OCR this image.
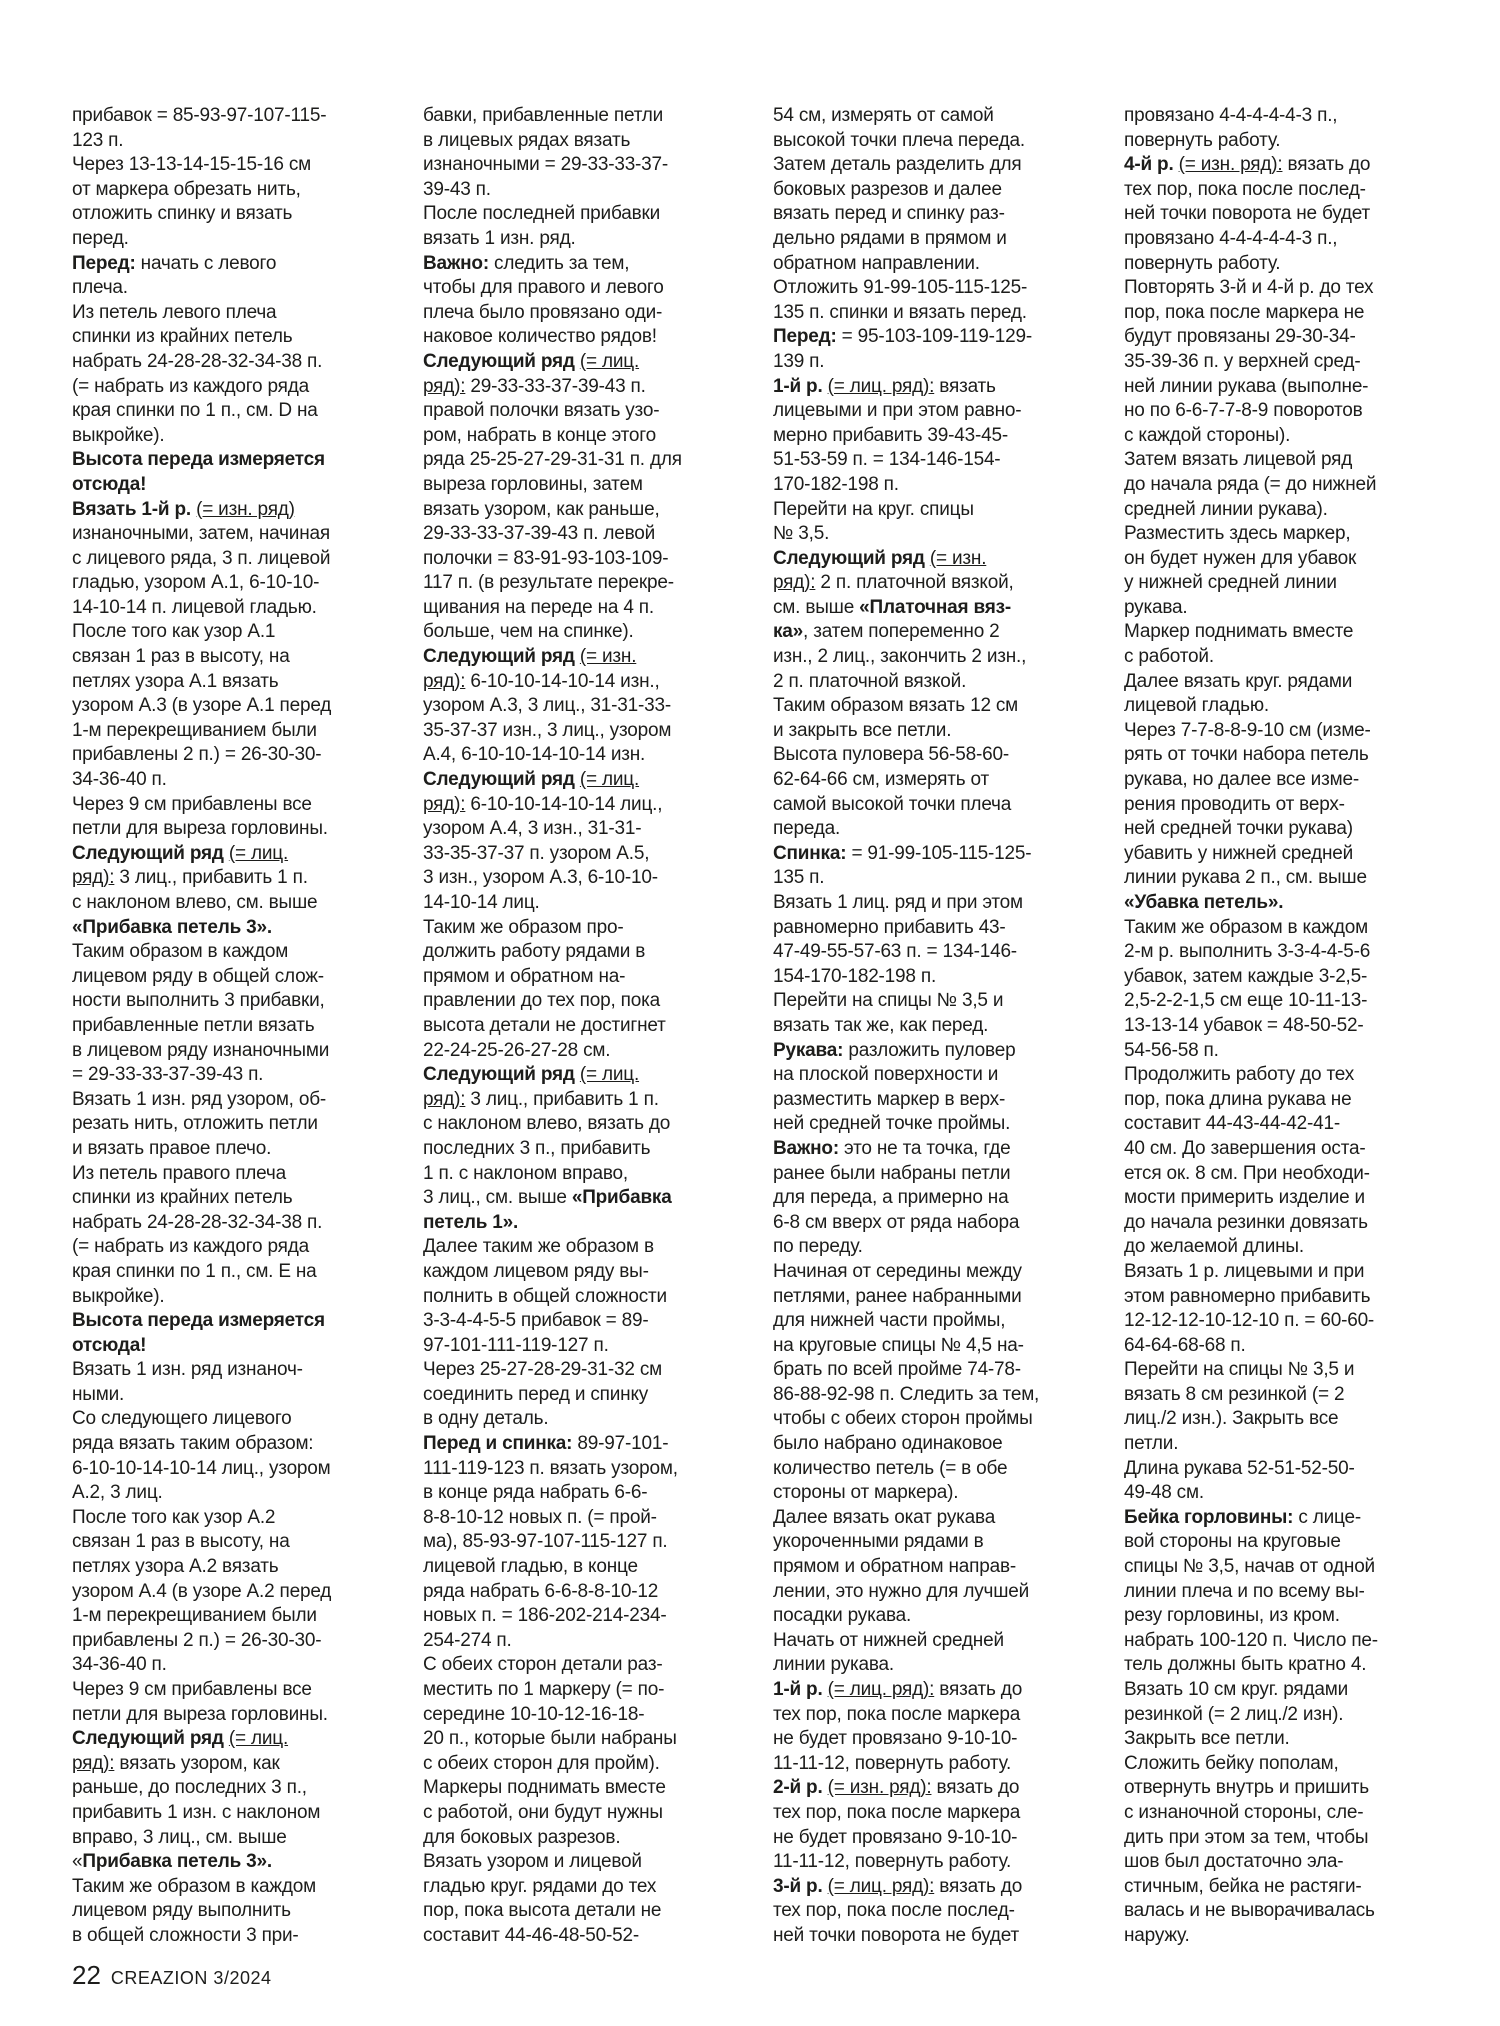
прибавок = 85-93-97-107-115-
123 п.
Через 13-13-14-15-15-16 см
от маркера обрезать нить,
отложить спинку и вязать
перед.
Перед: начать с левого
плеча.
Из петель левого плеча
спинки из крайних петель
набрать 24-28-28-32-34-38 п.
(= набрать из каждого ряда
края спинки по 1 п., см. D на
выкройке).
Высота переда измеряется
отсюда!
Вязать 1-й р. (= изн. ряд)
изнаночными, затем, начиная
с лицевого ряда, 3 п. лицевой
гладью, узором А.1, 6-10-10-
14-10-14 п. лицевой гладью.
После того как узор А.1
связан 1 раз в высоту, на
петлях узора А.1 вязать
узором А.3 (в узоре А.1 перед
1-м перекрещиванием были
прибавлены 2 п.) = 26-30-30-
34-36-40 п.
Через 9 см прибавлены все
петли для выреза горловины.
Следующий ряд (= лиц.
ряд): 3 лиц., прибавить 1 п.
с наклоном влево, см. выше
«Прибавка петель 3».
Таким образом в каждом
лицевом ряду в общей слож-
ности выполнить 3 прибавки,
прибавленные петли вязать
в лицевом ряду изнаночными
= 29-33-33-37-39-43 п.
Вязать 1 изн. ряд узором, об-
резать нить, отложить петли
и вязать правое плечо.
Из петель правого плеча
спинки из крайних петель
набрать 24-28-28-32-34-38 п.
(= набрать из каждого ряда
края спинки по 1 п., см. Е на
выкройке).
Высота переда измеряется
отсюда!
Вязать 1 изн. ряд изнаноч-
ными.
Со следующего лицевого
ряда вязать таким образом:
6-10-10-14-10-14 лиц., узором
А.2, 3 лиц.
После того как узор А.2
связан 1 раз в высоту, на
петлях узора А.2 вязать
узором А.4 (в узоре А.2 перед
1-м перекрещиванием были
прибавлены 2 п.) = 26-30-30-
34-36-40 п.
Через 9 см прибавлены все
петли для выреза горловины.
Следующий ряд (= лиц.
ряд): вязать узором, как
раньше, до последних 3 п.,
прибавить 1 изн. с наклоном
вправо, 3 лиц., см. выше
«Прибавка петель 3».
Таким же образом в каждом
лицевом ряду выполнить
в общей сложности 3 при-
бавки, прибавленные петли
в лицевых рядах вязать
изнаночными = 29-33-33-37-
39-43 п.
После последней прибавки
вязать 1 изн. ряд.
Важно: следить за тем,
чтобы для правого и левого
плеча было провязано оди-
наковое количество рядов!
Следующий ряд (= лиц.
ряд): 29-33-33-37-39-43 п.
правой полочки вязать узо-
ром, набрать в конце этого
ряда 25-25-27-29-31-31 п. для
выреза горловины, затем
вязать узором, как раньше,
29-33-33-37-39-43 п. левой
полочки = 83-91-93-103-109-
117 п. (в результате перекре-
щивания на переде на 4 п.
больше, чем на спинке).
Следующий ряд (= изн.
ряд): 6-10-10-14-10-14 изн.,
узором А.3, 3 лиц., 31-31-33-
35-37-37 изн., 3 лиц., узором
А.4, 6-10-10-14-10-14 изн.
Следующий ряд (= лиц.
ряд): 6-10-10-14-10-14 лиц.,
узором А.4, 3 изн., 31-31-
33-35-37-37 п. узором А.5,
3 изн., узором А.3, 6-10-10-
14-10-14 лиц.
Таким же образом про-
должить работу рядами в
прямом и обратном на-
правлении до тех пор, пока
высота детали не достигнет
22-24-25-26-27-28 см.
Следующий ряд (= лиц.
ряд): 3 лиц., прибавить 1 п.
с наклоном влево, вязать до
последних 3 п., прибавить
1 п. с наклоном вправо,
3 лиц., см. выше «Прибавка
петель 1».
Далее таким же образом в
каждом лицевом ряду вы-
полнить в общей сложности
3-3-4-4-5-5 прибавок = 89-
97-101-111-119-127 п.
Через 25-27-28-29-31-32 см
соединить перед и спинку
в одну деталь.
Перед и спинка: 89-97-101-
111-119-123 п. вязать узором,
в конце ряда набрать 6-6-
8-8-10-12 новых п. (= прой-
ма), 85-93-97-107-115-127 п.
лицевой гладью, в конце
ряда набрать 6-6-8-8-10-12
новых п. = 186-202-214-234-
254-274 п.
С обеих сторон детали раз-
местить по 1 маркеру (= по-
середине 10-10-12-16-18-
20 п., которые были набраны
с обеих сторон для пройм).
Маркеры поднимать вместе
с работой, они будут нужны
для боковых разрезов.
Вязать узором и лицевой
гладью круг. рядами до тех
пор, пока высота детали не
составит 44-46-48-50-52-
54 см, измерять от самой
высокой точки плеча переда.
Затем деталь разделить для
боковых разрезов и далее
вязать перед и спинку раз-
дельно рядами в прямом и
обратном направлении.
Отложить 91-99-105-115-125-
135 п. спинки и вязать перед.
Перед: = 95-103-109-119-129-
139 п.
1-й р. (= лиц. ряд): вязать
лицевыми и при этом равно-
мерно прибавить 39-43-45-
51-53-59 п. = 134-146-154-
170-182-198 п.
Перейти на круг. спицы
№ 3,5.
Следующий ряд (= изн.
ряд): 2 п. платочной вязкой,
см. выше «Платочная вяз-
ка», затем попеременно 2
изн., 2 лиц., закончить 2 изн.,
2 п. платочной вязкой.
Таким образом вязать 12 см
и закрыть все петли.
Высота пуловера 56-58-60-
62-64-66 см, измерять от
самой высокой точки плеча
переда.
Спинка: = 91-99-105-115-125-
135 п.
Вязать 1 лиц. ряд и при этом
равномерно прибавить 43-
47-49-55-57-63 п. = 134-146-
154-170-182-198 п.
Перейти на спицы № 3,5 и
вязать так же, как перед.
Рукава: разложить пуловер
на плоской поверхности и
разместить маркер в верх-
ней средней точке проймы.
Важно: это не та точка, где
ранее были набраны петли
для переда, а примерно на
6-8 см вверх от ряда набора
по переду.
Начиная от середины между
петлями, ранее набранными
для нижней части проймы,
на круговые спицы № 4,5 на-
брать по всей пройме 74-78-
86-88-92-98 п. Следить за тем,
чтобы с обеих сторон проймы
было набрано одинаковое
количество петель (= в обе
стороны от маркера).
Далее вязать окат рукава
укороченными рядами в
прямом и обратном направ-
лении, это нужно для лучшей
посадки рукава.
Начать от нижней средней
линии рукава.
1-й р. (= лиц. ряд): вязать до
тех пор, пока после маркера
не будет провязано 9-10-10-
11-11-12, повернуть работу.
2-й р. (= изн. ряд): вязать до
тех пор, пока после маркера
не будет провязано 9-10-10-
11-11-12, повернуть работу.
3-й р. (= лиц. ряд): вязать до
тех пор, пока после послед-
ней точки поворота не будет
провязано 4-4-4-4-4-3 п.,
повернуть работу.
4-й р. (= изн. ряд): вязать до
тех пор, пока после послед-
ней точки поворота не будет
провязано 4-4-4-4-4-3 п.,
повернуть работу.
Повторять 3-й и 4-й р. до тех
пор, пока после маркера не
будут провязаны 29-30-34-
35-39-36 п. у верхней сред-
ней линии рукава (выполне-
но по 6-6-7-7-8-9 поворотов
с каждой стороны).
Затем вязать лицевой ряд
до начала ряда (= до нижней
средней линии рукава).
Разместить здесь маркер,
он будет нужен для убавок
у нижней средней линии
рукава.
Маркер поднимать вместе
с работой.
Далее вязать круг. рядами
лицевой гладью.
Через 7-7-8-8-9-10 см (изме-
рять от точки набора петель
рукава, но далее все изме-
рения проводить от верх-
ней средней точки рукава)
убавить у нижней средней
линии рукава 2 п., см. выше
«Убавка петель».
Таким же образом в каждом
2-м р. выполнить 3-3-4-4-5-6
убавок, затем каждые 3-2,5-
2,5-2-2-1,5 см еще 10-11-13-
13-13-14 убавок = 48-50-52-
54-56-58 п.
Продолжить работу до тех
пор, пока длина рукава не
составит 44-43-44-42-41-
40 см. До завершения оста-
ется ок. 8 см. При необходи-
мости примерить изделие и
до начала резинки довязать
до желаемой длины.
Вязать 1 р. лицевыми и при
этом равномерно прибавить
12-12-12-10-12-10 п. = 60-60-
64-64-68-68 п.
Перейти на спицы № 3,5 и
вязать 8 см резинкой (= 2
лиц./2 изн.). Закрыть все
петли.
Длина рукава 52-51-52-50-
49-48 см.
Бейка горловины: с лице-
вой стороны на круговые
спицы № 3,5, начав от одной
линии плеча и по всему вы-
резу горловины, из кром.
набрать 100-120 п. Число пе-
тель должны быть кратно 4.
Вязать 10 см круг. рядами
резинкой (= 2 лиц./2 изн).
Закрыть все петли.
Сложить бейку пополам,
отвернуть внутрь и пришить
с изнаночной стороны, сле-
дить при этом за тем, чтобы
шов был достаточно эла-
стичным, бейка не растяги-
валась и не выворачивалась
наружу.
22 CREAZION 3/2024
